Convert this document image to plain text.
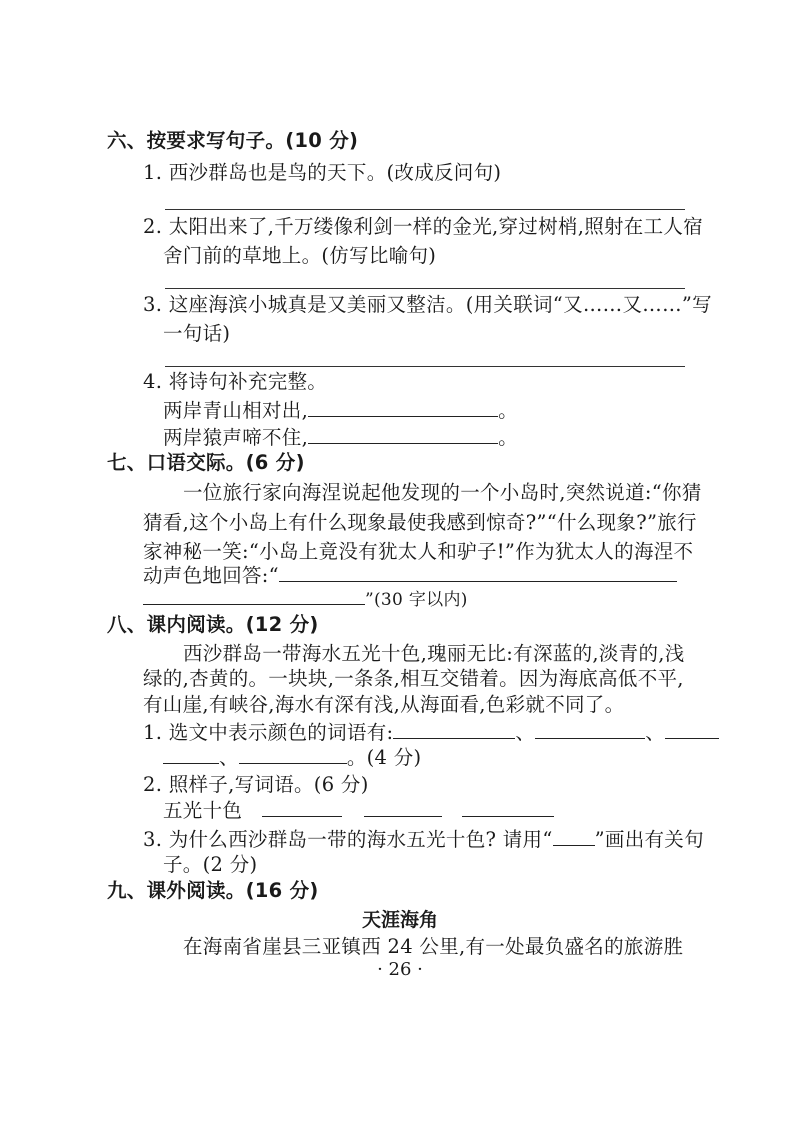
六、按要求写句子。(10 分)
1. 西沙群岛也是鸟的天下。(改成反问句)
2. 太阳出来了,千万缕像利剑一样的金光,穿过树梢,照射在工人宿
舍门前的草地上。(仿写比喻句)
3. 这座海滨小城真是又美丽又整洁。(用关联词“又……又……”写
一句话)
4. 将诗句补充完整。
两岸青山相对出,	。
两岸猿声啼不住,	。
七、口语交际。(6 分)
一位旅行家向海涅说起他发现的一个小岛时,突然说道:“你猜
猜看,这个小岛上有什么现象最使我感到惊奇?”“什么现象?”旅行
家神秘一笑:“小岛上竟没有犹太人和驴子!”作为犹太人的海涅不
动声色地回答:“
”(30 字以内)
八、课内阅读。(12 分)
西沙群岛一带海水五光十色,瑰丽无比:有深蓝的,淡青的,浅
绿的,杏黄的。一块块,一条条,相互交错着。因为海底高低不平,
有山崖,有峡谷,海水有深有浅,从海面看,色彩就不同了。
1. 选文中表示颜色的词语有:	、	、
、	。(4 分)
2. 照样子,写词语。(6 分)
五光十色
3. 为什么西沙群岛一带的海水五光十色? 请用“ ”画出有关句
子。(2 分)
九、课外阅读。(16 分)
天涯海角
在海南省崖县三亚镇西 24 公里,有一处最负盛名的旅游胜
· 26 ·
